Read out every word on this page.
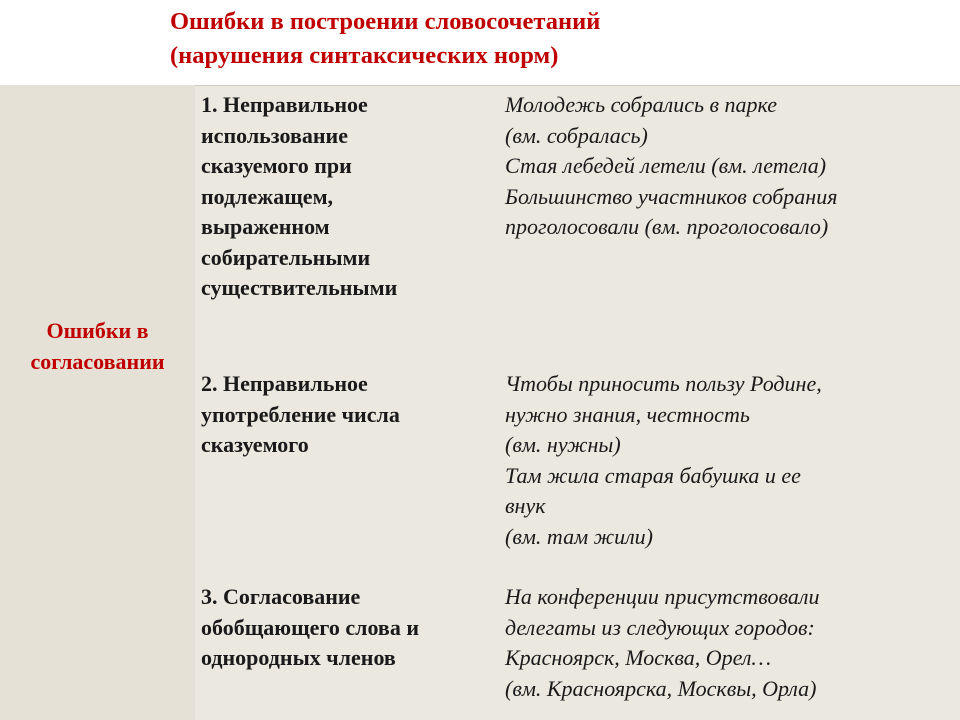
Ошибки в построении словосочетаний
(нарушения синтаксических норм)
Ошибки в
согласовании
1. Неправильное
использование
сказуемого при
подлежащем,
выраженном
собирательными
существительными
Молодежь собрались в парке
(вм. собралась)
Стая лебедей летели (вм. летела)
Большинство участников собрания
проголосовали (вм. проголосовало)
2. Неправильное
употребление числа
сказуемого
Чтобы приносить пользу Родине,
нужно знания, честность
(вм. нужны)
Там жила старая бабушка и ее
внук
(вм. там жили)
3. Согласование
обобщающего слова и
однородных членов
На конференции присутствовали
делегаты из следующих городов:
Красноярск, Москва, Орел…
(вм. Красноярска, Москвы, Орла)
